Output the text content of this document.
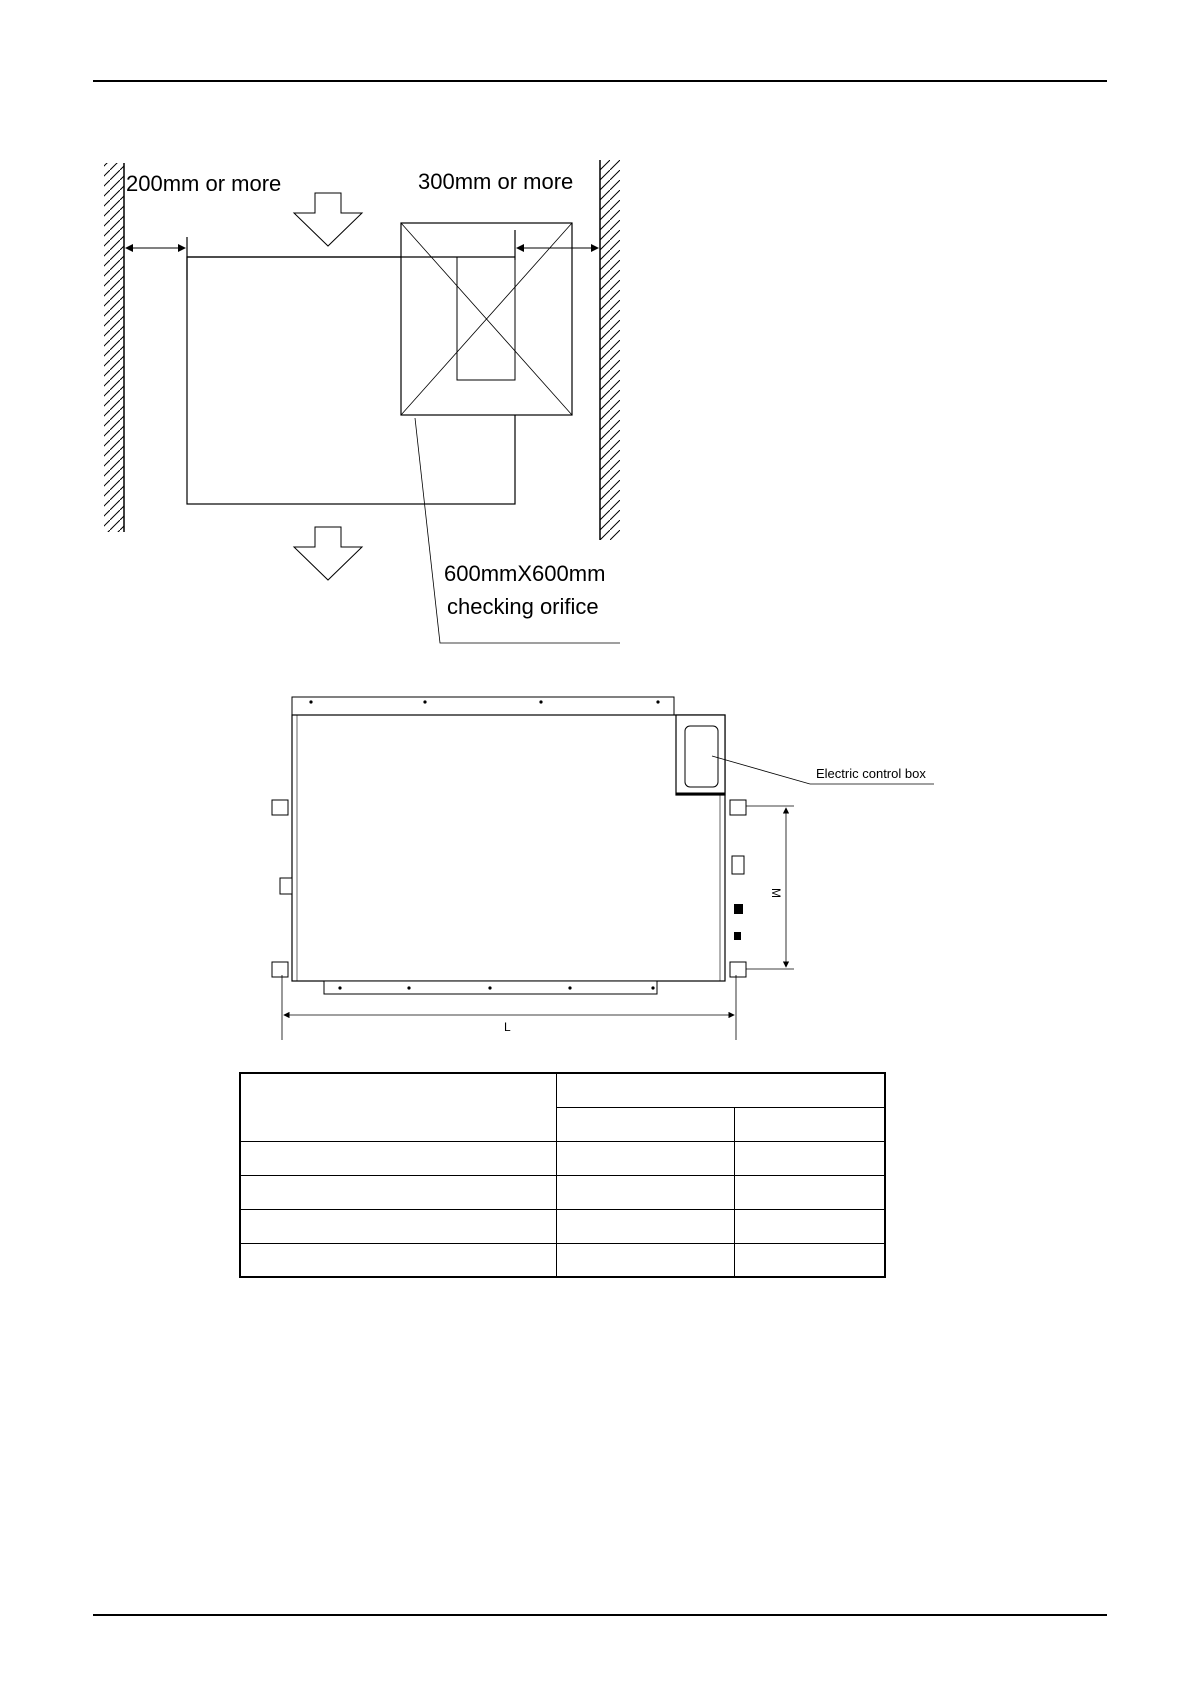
200mm or more	300mm or more
600mmX600mm
checking orifice
Electric control box
M
L
